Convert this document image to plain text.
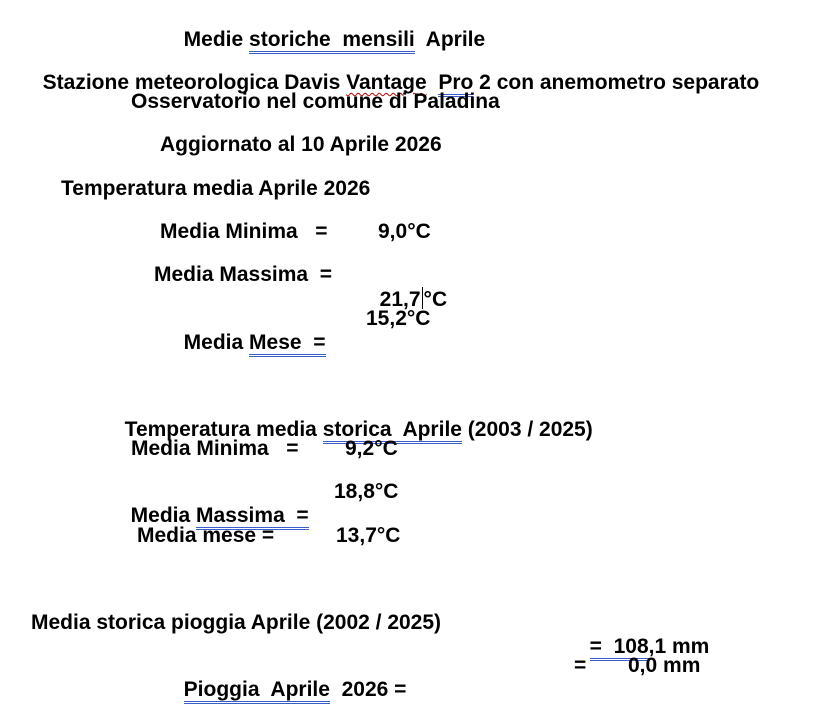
Medie storiche  mensili  Aprile

Stazione meteorologica Davis Vantage Pro 2 con anemometro separato

Osservatorio nel comune di Paladina
Aggiornato al 10 Aprile 2026
Temperatura media Aprile 2026
Media Minima   = 9,0°C
Media Massima  =

21,7 °C

Media Mese  =

15,2°C

Temperatura media storica  Aprile (2003 / 2025)

Media Minima   = 9,2°C

Media Massima  =

18,8°C
Media mese =	13,7°C
Media storica pioggia Aprile (2002 / 2025)

=  108,1 mm

Pioggia  Aprile  2026 =

= 0,0 mm
